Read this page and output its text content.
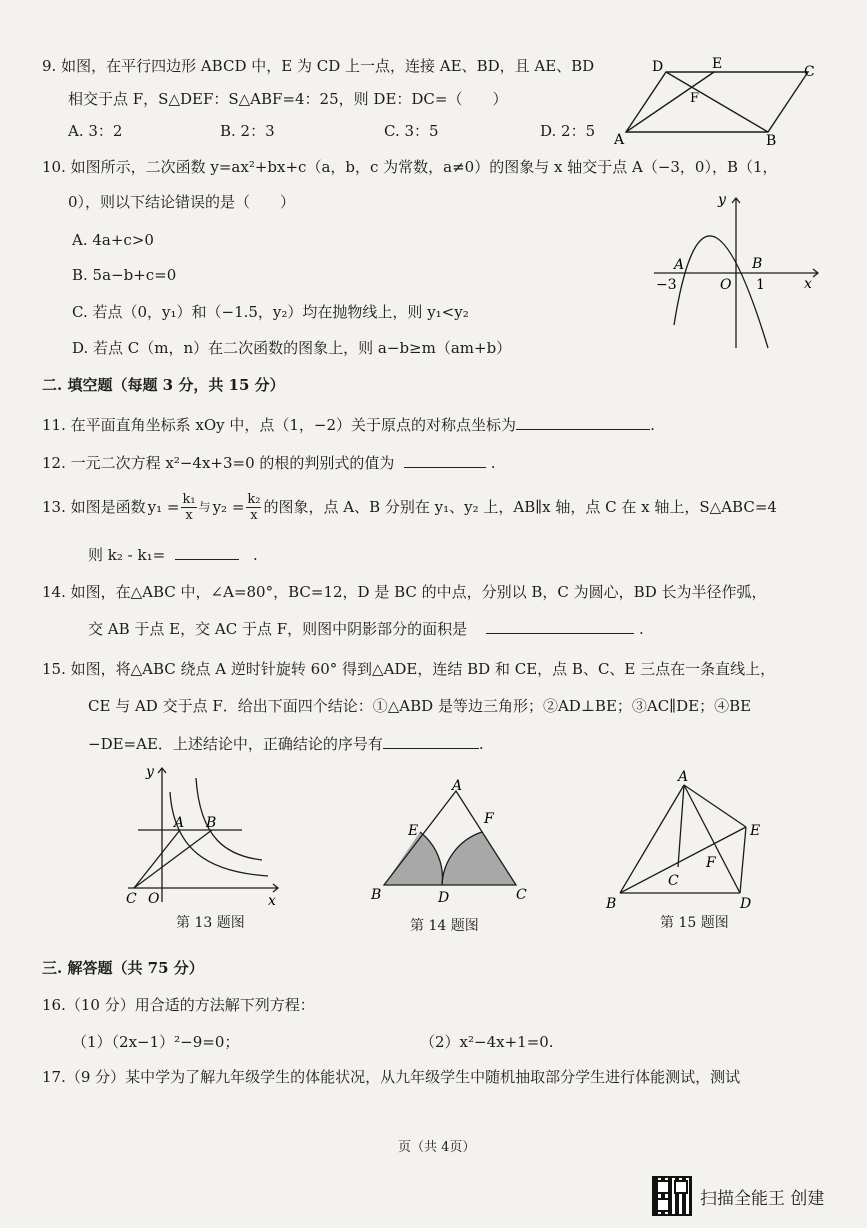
9. 如图，在平行四边形 ABCD 中，E 为 CD 上一点，连接 AE、BD，且 AE、BD
相交于点 F，S△DEF：S△ABF=4：25，则 DE：DC=（　　）
A. 3：2	B. 2：3	C. 3：5	D. 2：5
D	E	C
F
A	B
10. 如图所示，二次函数 y=ax²+bx+c（a，b，c 为常数，a≠0）的图象与 x 轴交于点 A（−3，0），B（1，
0），则以下结论错误的是（　　）
A. 4a+c>0
B. 5a−b+c=0
C. 若点（0，y₁）和（−1.5，y₂）均在抛物线上，则 y₁<y₂
D. 若点 C（m，n）在二次函数的图象上，则 a−b≥m（am+b）
y
x
A	B
−3	O 1
二. 填空题（每题 3 分，共 15 分）
11. 在平面直角坐标系 xOy 中，点（1，−2）关于原点的对称点坐标为	.
12. 一元二次方程 x²−4x+3=0 的根的判别式的值为	.
13. 如图是函数 $y_1 = \frac{\text{k₁}}{x}$ 与 $y_2 = \frac{\text{k₂}}{x}$ 的图象，点 A、B 分别在 y₁、y₂ 上，AB∥x 轴，点 C 在 x 轴上，S△ABC=4
则 k₂ - k₁=	.
14. 如图，在△ABC 中，∠A=80°，BC=12，D 是 BC 的中点，分别以 B，C 为圆心，BD 长为半径作弧，
交 AB 于点 E，交 AC 于点 F，则图中阴影部分的面积是	.
15. 如图，将△ABC 绕点 A 逆时针旋转 60° 得到△ADE，连结 BD 和 CE，点 B、C、E 三点在一条直线上，
CE 与 AD 交于点 F．给出下面四个结论：①△ABD 是等边三角形；②AD⊥BE；③AC∥DE；④BE
−DE=AE．上述结论中，正确结论的序号有	.
y
x
A B
C O
第 13 题图
A
E
F
B	D	C
第 14 题图
A
E
F
C
B	D
第 15 题图
三. 解答题（共 75 分）
16.（10 分）用合适的方法解下列方程：
（1）（2x−1）²−9=0；	（2）x²−4x+1=0.
17.（9 分）某中学为了解九年级学生的体能状况，从九年级学生中随机抽取部分学生进行体能测试，测试
页（共 4页）
扫描全能王 创建
